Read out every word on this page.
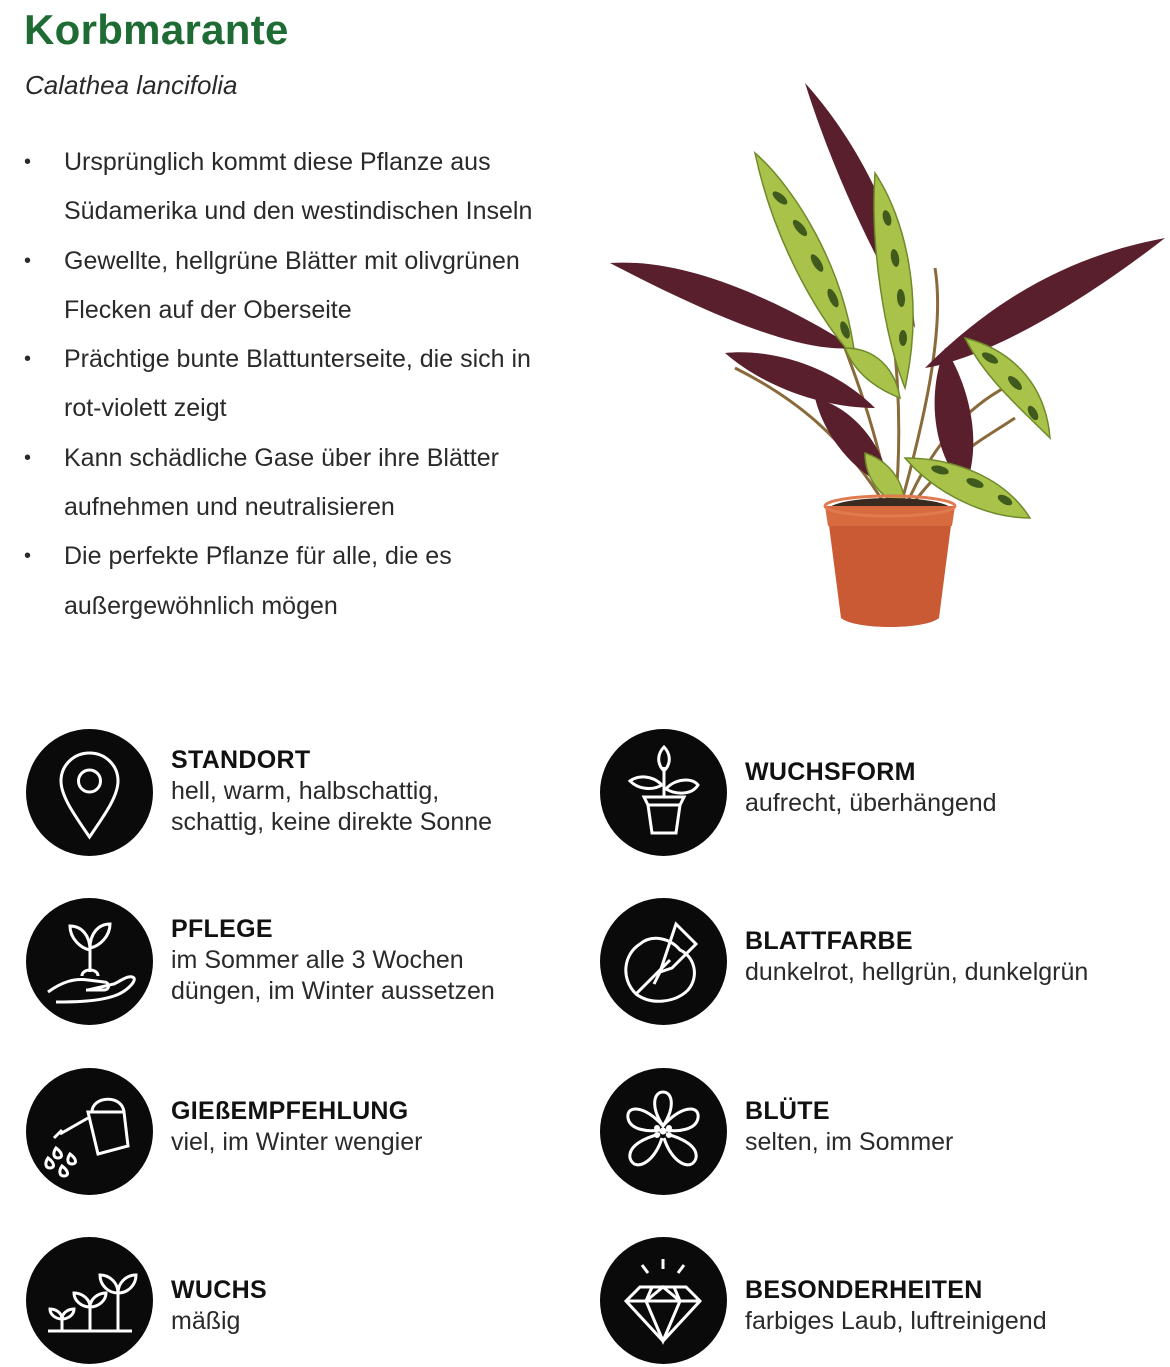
Korbmarante

Calathea lancifolia

• Ursprünglich kommt diese Pflanze aus
Südamerika und den westindischen Inseln
• Gewellte, hellgrüne Blätter mit olivgrünen
Flecken auf der Oberseite
• Prächtige bunte Blattunterseite, die sich in
rot-violett zeigt
• Kann schädliche Gase über ihre Blätter
aufnehmen und neutralisieren
• Die perfekte Pflanze für alle, die es
außergewöhnlich mögen
STANDORT
hell, warm, halbschattig,
schattig, keine direkte Sonne
WUCHSFORM
aufrecht, überhängend
PFLEGE
im Sommer alle 3 Wochen
düngen, im Winter aussetzen
BLATTFARBE
dunkelrot, hellgrün, dunkelgrün
GIEßEMPFEHLUNG
viel, im Winter wengier
BLÜTE
selten, im Sommer
WUCHS
mäßig
BESONDERHEITEN
farbiges Laub, luftreinigend
